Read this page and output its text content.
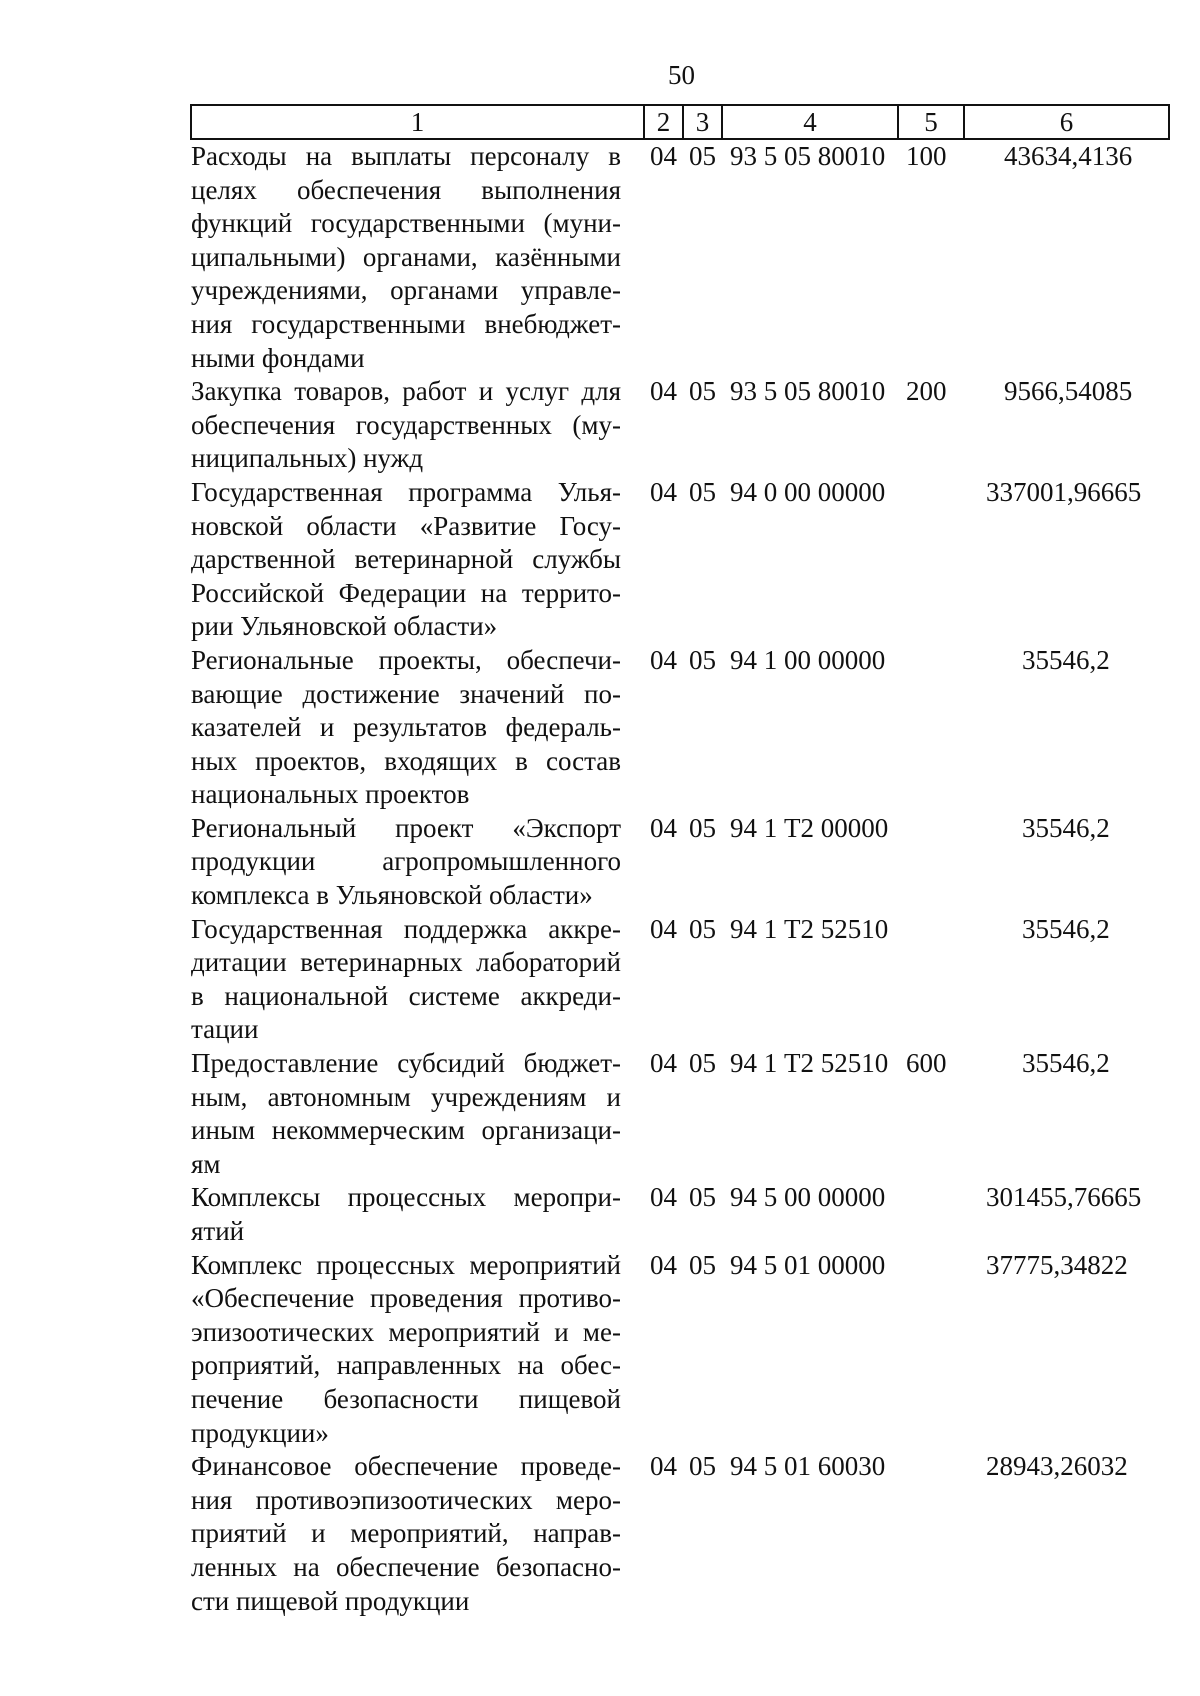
50
1	2	3	4	5	6

Расходы на выплаты персоналу в целях обеспечения выполнения функций государственными (муниципальными) органами, казёнными учреждениями, органами управления государственными внебюджетными фондами	04	05	93 5 05 80010	100	43634,4136

Закупка товаров, работ и услуг для обеспечения государственных (муниципальных) нужд	04	05	93 5 05 80010	200	9566,54085

Государственная программа Ульяновской области «Развитие Государственной ветеринарной службы Российской Федерации на территории Ульяновской области»	04	05	94 0 00 00000		337001,96665

Региональные проекты, обеспечивающие достижение значений показателей и результатов федеральных проектов, входящих в состав национальных проектов	04	05	94 1 00 00000		35546,2

Региональный проект «Экспорт продукции агропромышленного комплекса в Ульяновской области»	04	05	94 1 Т2 00000		35546,2

Государственная поддержка аккредитации ветеринарных лабораторий в национальной системе аккредитации	04	05	94 1 Т2 52510		35546,2

Предоставление субсидий бюджетным, автономным учреждениям и иным некоммерческим организациям	04	05	94 1 Т2 52510	600	35546,2

Комплексы процессных мероприятий	04	05	94 5 00 00000		301455,76665

Комплекс процессных мероприятий «Обеспечение проведения противоэпизоотических мероприятий и мероприятий, направленных на обеспечение безопасности пищевой продукции»	04	05	94 5 01 00000		37775,34822

Финансовое обеспечение проведения противоэпизоотических мероприятий и мероприятий, направленных на обеспечение безопасности пищевой продукции	04	05	94 5 01 60030		28943,26032
